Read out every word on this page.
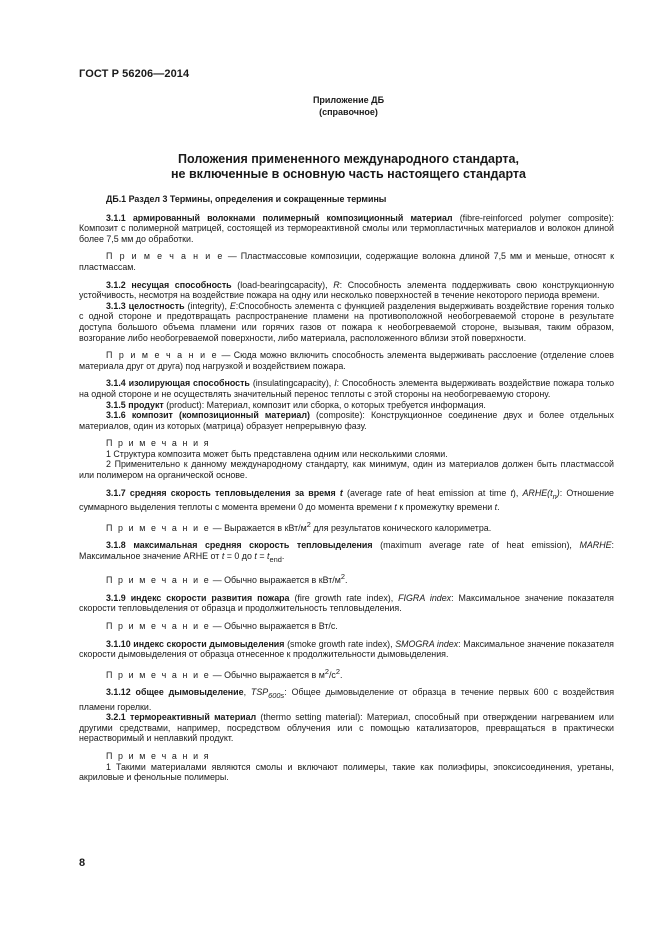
ГОСТ Р 56206—2014
Приложение ДБ
(справочное)
Положения примененного международного стандарта,
не включенные в основную часть настоящего стандарта

ДБ.1 Раздел 3 Термины, определения и сокращенные термины

3.1.1 армированный волокнами полимерный композиционный материал (fibre-reinforced polymer composite): Композит с полимерной матрицей, состоящей из термореактивной смолы или термопластичных материалов и волокон длиной более 7,5 мм до обработки.

П р и м е ч а н и е — Пластмассовые композиции, содержащие волокна длиной 7,5 мм и меньше, относят к пластмассам.

3.1.2 несущая способность (load-bearingcapacity), R: Способность элемента поддерживать свою конструкционную устойчивость, несмотря на воздействие пожара на одну или несколько поверхностей в течение некоторого периода времени.

3.1.3 целостность (integrity), E:Способность элемента с функцией разделения выдерживать воздействие горения только с одной стороне и предотвращать распространение пламени на противоположной необогреваемой стороне в результате доступа большого объема пламени или горячих газов от пожара к необогреваемой стороне, вызывая, таким образом, возгорание либо необогреваемой поверхности, либо материала, расположенного вблизи этой поверхности.

П р и м е ч а н и е — Сюда можно включить способность элемента выдерживать расслоение (отделение слоев материала друг от друга) под нагрузкой и воздействием пожара.

3.1.4 изолирующая способность (insulatingcapacity), I: Способность элемента выдерживать воздействие пожара только на одной стороне и не осуществлять значительный перенос теплоты с этой стороны на необогреваемую сторону.

3.1.5 продукт (product): Материал, композит или сборка, о которых требуется информация.

3.1.6 композит (композиционный материал) (composite): Конструкционное соединение двух и более отдельных материалов, один из которых (матрица) образует непрерывную фазу.

П р и м е ч а н и я

1 Структура композита может быть представлена одним или несколькими слоями.

2 Применительно к данному международному стандарту, как минимум, один из материалов должен быть пластмассой или полимером на органической основе.

3.1.7 средняя скорость тепловыделения за время t (average rate of heat emission at time t), $ARHE(t_n)$: Отношение суммарного выделения теплоты с момента времени 0 до момента времени t к промежутку времени t.

П р и м е ч а н и е — Выражается в кВт/$м^2$ для результатов конического калориметра.

3.1.8 максимальная средняя скорость тепловыделения (maximum average rate of heat emission), MARHE: Максимальное значение ARHE от t = 0 до $t = t_{end}$.

П р и м е ч а н и е — Обычно выражается в кВт/$м^2$.

3.1.9 индекс скорости развития пожара (fire growth rate index), FIGRA index: Максимальное значение показателя скорости тепловыделения от образца и продолжительность тепловыделения.

П р и м е ч а н и е — Обычно выражается в Вт/с.

3.1.10 индекс скорости дымовыделения (smoke growth rate index), SMOGRA index: Максимальное значение показателя скорости дымовыделения от образца отнесенное к продолжительности дымовыделения.

П р и м е ч а н и е — Обычно выражается в $м^2/с^2$.

3.1.12 общее дымовыделение, $TSP_{600s}$: Общее дымовыделение от образца в течение первых 600 с воздействия пламени горелки.

3.2.1 термореактивный материал (thermo setting material): Материал, способный при отверждении нагреванием или другими средствами, например, посредством облучения или с помощью катализаторов, превращаться в практически нерастворимый и неплавкий продукт.

П р и м е ч а н и я

1 Такими материалами являются смолы и включают полимеры, такие как полиэфиры, эпоксисоединения, уретаны, акриловые и фенольные полимеры.

8
